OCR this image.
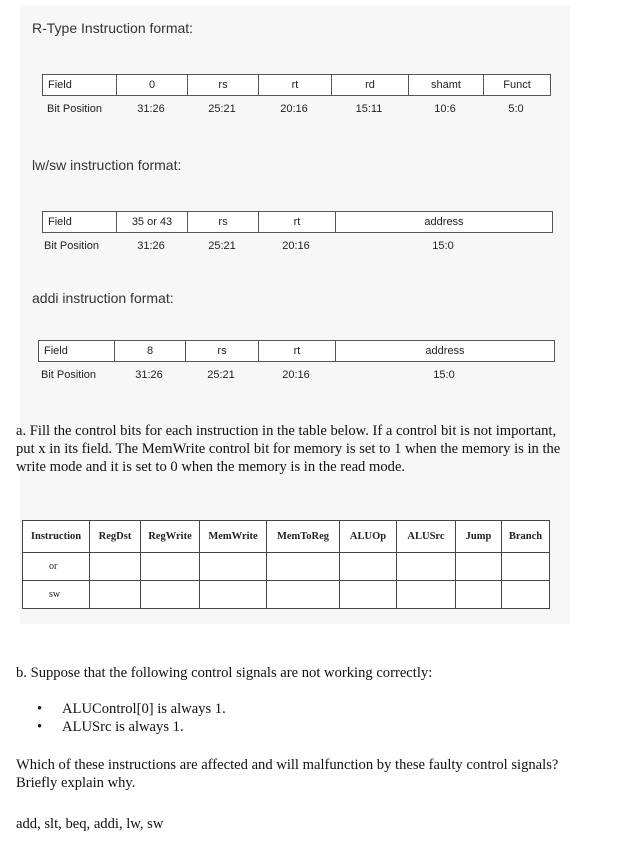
R-Type Instruction format:
Field	0	rs	rt	rd	shamt	Funct
Bit Position	31:26	25:21	20:16	15:11	10:6	5:0
lw/sw instruction format:
Field	35 or 43	rs	rt	address
Bit Position	31:26	25:21	20:16	15:0
addi instruction format:
Field	8	rs	rt	address
Bit Position	31:26	25:21	20:16	15:0
a. Fill the control bits for each instruction in the table below. If a control bit is not important, put x in its field. The MemWrite control bit for memory is set to 1 when the memory is in the write mode and it is set to 0 when the memory is in the read mode.
Instruction	RegDst	RegWrite	MemWrite	MemToReg	ALUOp	ALUSrc	Jump	Branch
or								
sw								
b. Suppose that the following control signals are not working correctly:
• ALUControl[0] is always 1.
• ALUSrc is always 1.
Which of these instructions are affected and will malfunction by these faulty control signals? Briefly explain why.
add, slt, beq, addi, lw, sw
